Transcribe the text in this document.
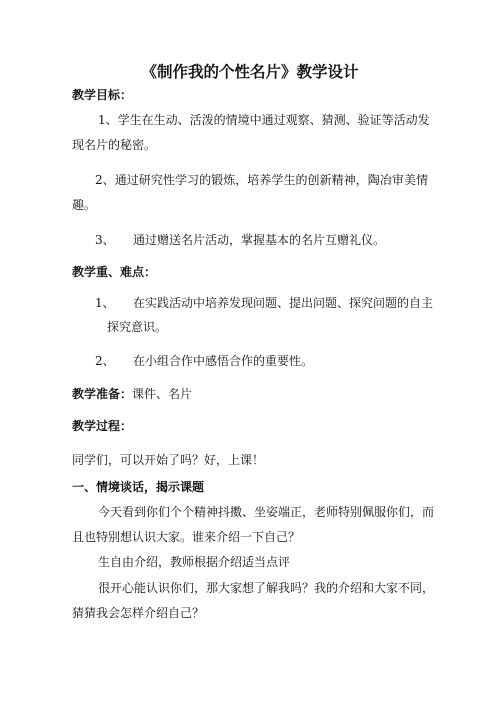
《制作我的个性名片》教学设计
教学目标：
1、学生在生动、活泼的情境中通过观察、猜测、验证等活动发
现名片的秘密。
2、通过研究性学习的锻炼，培养学生的创新精神，陶冶审美情
趣。
3、 通过赠送名片活动，掌握基本的名片互赠礼仪。
教学重、难点：
1、 在实践活动中培养发现问题、提出问题、探究问题的自主
探究意识。
2、 在小组合作中感悟合作的重要性。
教学准备：课件、名片
教学过程：
同学们，可以开始了吗？好，上课！
一、情境谈话，揭示课题
今天看到你们个个精神抖擞、坐姿端正，老师特别佩服你们，而
且也特别想认识大家。谁来介绍一下自己？
生自由介绍，教师根据介绍适当点评
很开心能认识你们，那大家想了解我吗？我的介绍和大家不同，
猜猜我会怎样介绍自己？
